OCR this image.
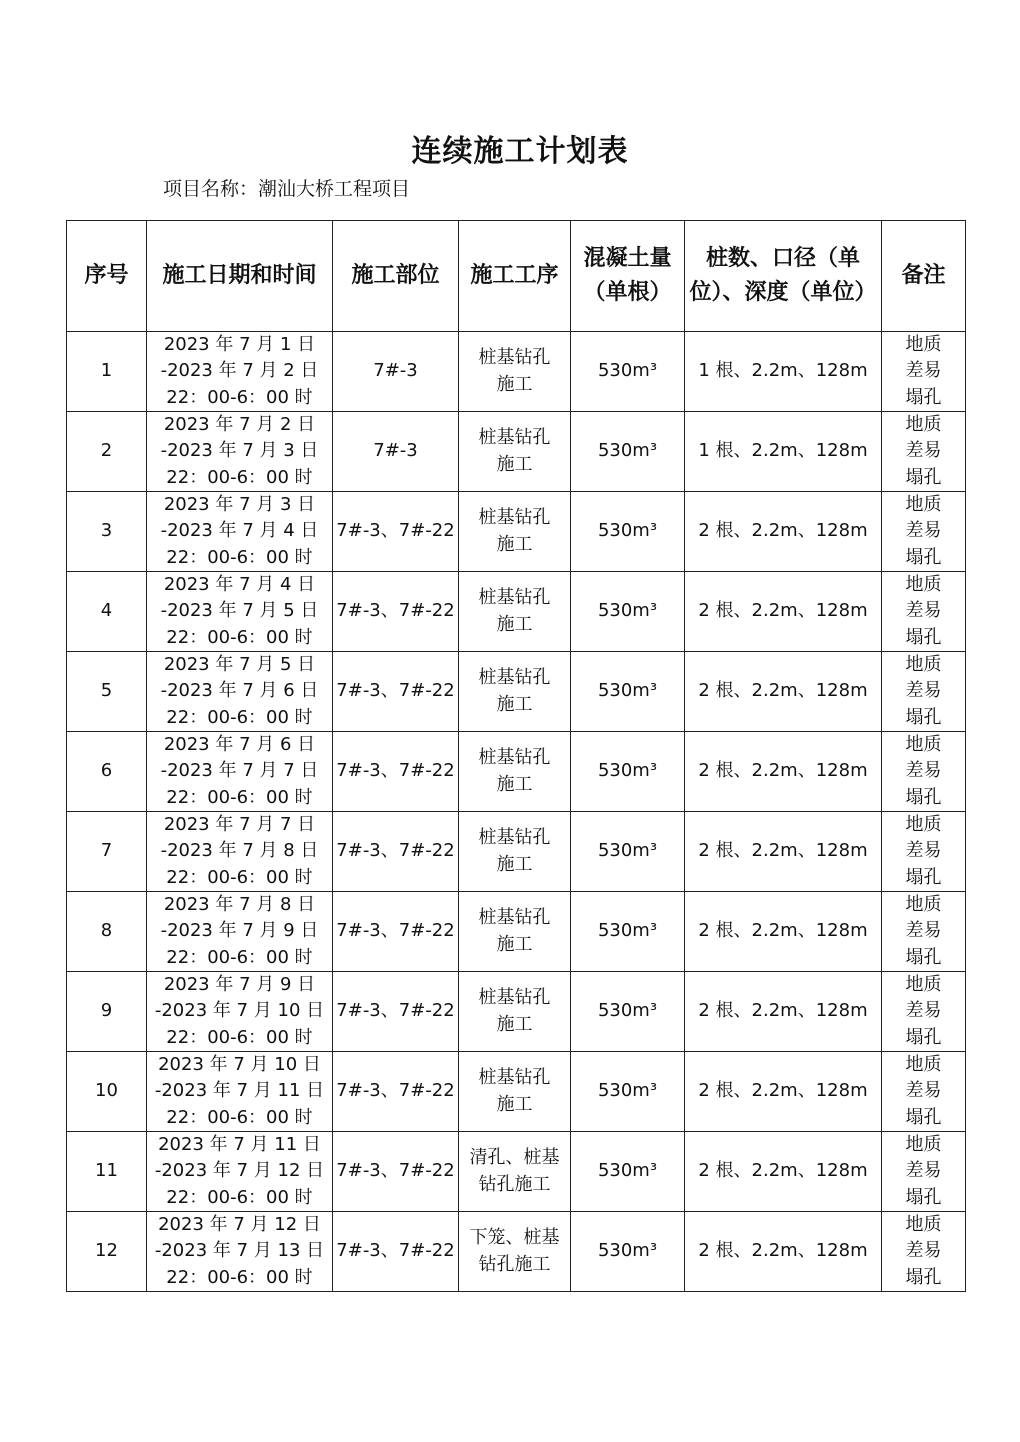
连续施工计划表
项目名称：潮汕大桥工程项目
序号	施工日期和时间	施工部位	施工工序	混凝土量
（单根）	桩数、口径（单
位）、深度（单位）	备注
1	2023 年 7 月 1 日
-2023 年 7 月 2 日
22：00-6：00 时	7#-3	桩基钻孔
施工	530m³	1 根、2.2m、128m	地质
差易
塌孔

2	2023 年 7 月 2 日
-2023 年 7 月 3 日
22：00-6：00 时	7#-3	桩基钻孔
施工	530m³	1 根、2.2m、128m	地质
差易
塌孔

3	2023 年 7 月 3 日
-2023 年 7 月 4 日
22：00-6：00 时	7#-3、7#-22	桩基钻孔
施工	530m³	2 根、2.2m、128m	地质
差易
塌孔

4	2023 年 7 月 4 日
-2023 年 7 月 5 日
22：00-6：00 时	7#-3、7#-22	桩基钻孔
施工	530m³	2 根、2.2m、128m	地质
差易
塌孔

5	2023 年 7 月 5 日
-2023 年 7 月 6 日
22：00-6：00 时	7#-3、7#-22	桩基钻孔
施工	530m³	2 根、2.2m、128m	地质
差易
塌孔

6	2023 年 7 月 6 日
-2023 年 7 月 7 日
22：00-6：00 时	7#-3、7#-22	桩基钻孔
施工	530m³	2 根、2.2m、128m	地质
差易
塌孔

7	2023 年 7 月 7 日
-2023 年 7 月 8 日
22：00-6：00 时	7#-3、7#-22	桩基钻孔
施工	530m³	2 根、2.2m、128m	地质
差易
塌孔

8	2023 年 7 月 8 日
-2023 年 7 月 9 日
22：00-6：00 时	7#-3、7#-22	桩基钻孔
施工	530m³	2 根、2.2m、128m	地质
差易
塌孔

9	2023 年 7 月 9 日
-2023 年 7 月 10 日
22：00-6：00 时	7#-3、7#-22	桩基钻孔
施工	530m³	2 根、2.2m、128m	地质
差易
塌孔

10	2023 年 7 月 10 日
-2023 年 7 月 11 日
22：00-6：00 时	7#-3、7#-22	桩基钻孔
施工	530m³	2 根、2.2m、128m	地质
差易
塌孔

11	2023 年 7 月 11 日
-2023 年 7 月 12 日
22：00-6：00 时	7#-3、7#-22	清孔、桩基
钻孔施工	530m³	2 根、2.2m、128m	地质
差易
塌孔

12	2023 年 7 月 12 日
-2023 年 7 月 13 日
22：00-6：00 时	7#-3、7#-22	下笼、桩基
钻孔施工	530m³	2 根、2.2m、128m	地质
差易
塌孔
